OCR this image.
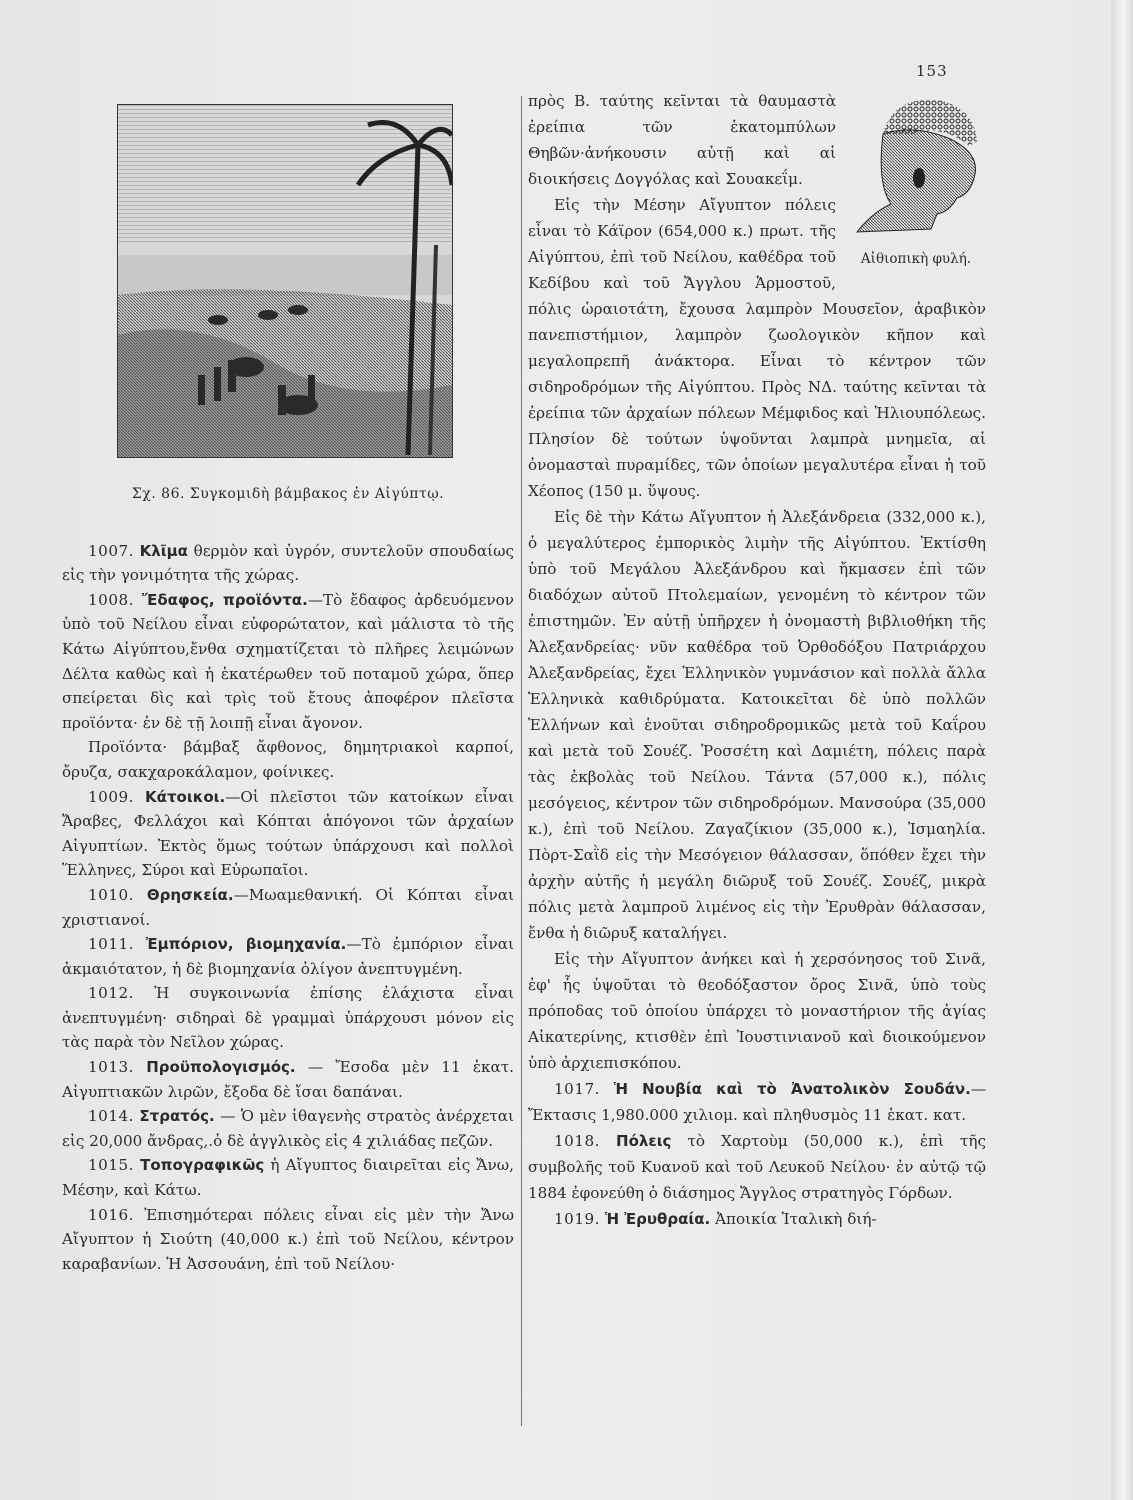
153
Σχ. 86. Συγκομιδὴ βάμβακος ἐν Αἰγύπτῳ.

1007. Κλῖμα θερμὸν καὶ ὑγρόν, συντελοῦν σπουδαίως εἰς τὴν γονιμότητα τῆς χώρας.

1008. Ἔδαφος, προϊόντα.—Τὸ ἔδαφος ἀρδευόμενον ὑπὸ τοῦ Νείλου εἶναι εὐφορώτατον, καὶ μάλιστα τὸ τῆς Κάτω Αἰγύπτου,ἔνθα σχηματίζεται τὸ πλῆρες λειμώνων Δέλτα καθὼς καὶ ἡ ἑκατέρωθεν τοῦ ποταμοῦ χώρα, ὅπερ σπείρεται δὶς καὶ τρὶς τοῦ ἔτους ἀποφέρον πλεῖστα προϊόντα· ἐν δὲ τῇ λοιπῇ εἶναι ἄγονον.

Προϊόντα· βάμβαξ ἄφθονος, δημητριακοὶ καρποί, ὄρυζα, σακχαροκάλαμον, φοίνικες.

1009. Κάτοικοι.—Οἱ πλεῖστοι τῶν κατοίκων εἶναι Ἄραβες, Φελλάχοι καὶ Κόπται ἀπόγονοι τῶν ἀρχαίων Αἰγυπτίων. Ἐκτὸς ὅμως τούτων ὑπάρχουσι καὶ πολλοὶ Ἕλληνες, Σύροι καὶ Εὐρωπαῖοι.

1010. Θρησκεία.—Μωαμεθανική. Οἱ Κόπται εἶναι χριστιανοί.

1011. Ἐμπόριον, βιομηχανία.—Τὸ ἐμπόριον εἶναι ἀκμαιότατον, ἡ δὲ βιομηχανία ὀλίγον ἀνεπτυγμένη.

1012. Ἡ συγκοινωνία ἐπίσης ἐλάχιστα εἶναι ἀνεπτυγμένη· σιδηραὶ δὲ γραμμαὶ ὑπάρχουσι μόνον εἰς τὰς παρὰ τὸν Νεῖλον χώρας.

1013. Προϋπολογισμός. — Ἔσοδα μὲν 11 ἑκατ. Αἰγυπτιακῶν λιρῶν, ἔξοδα δὲ ἴσαι δαπάναι.

1014. Στρατός. — Ὁ μὲν ἰθαγενὴς στρατὸς ἀνέρχεται εἰς 20,000 ἄνδρας,.ὁ δὲ ἀγγλικὸς εἰς 4 χιλιάδας πεζῶν.

1015. Τοπογραφικῶς ἡ Αἴγυπτος διαιρεῖται εἰς Ἄνω, Μέσην, καὶ Κάτω.

1016. Ἐπισημότεραι πόλεις εἶναι εἰς μὲν τὴν Ἄνω Αἴγυπτον ἡ Σιούτη (40,000 κ.) ἐπὶ τοῦ Νείλου, κέντρον καραβανίων. Ἡ Ἀσσουάνη, ἐπὶ τοῦ Νείλου·

Αἰθιοπικὴ φυλή.

πρὸς Β. ταύτης κεῖνται τὰ θαυμαστὰ ἐρείπια τῶν ἑκατομπύλων Θηβῶν·ἀνήκουσιν αὐτῇ καὶ αἱ διοικήσεις Δογγόλας καὶ Σουακεΐμ.

Εἰς τὴν Μέσην Αἴγυπτον πόλεις εἶναι τὸ Κάϊρον (654,000 κ.) πρωτ. τῆς Αἰγύπτου, ἐπὶ τοῦ Νείλου, καθέδρα τοῦ Κεδίβου καὶ τοῦ Ἄγγλου Ἁρμοστοῦ, πόλις ὡραιοτάτη, ἔχουσα λαμπρὸν Μουσεῖον, ἀραβικὸν πανεπιστήμιον, λαμπρὸν ζωολογικὸν κῆπον καὶ μεγαλοπρεπῆ ἀνάκτορα. Εἶναι τὸ κέντρον τῶν σιδηροδρόμων τῆς Αἰγύπτου. Πρὸς ΝΔ. ταύτης κεῖνται τὰ ἐρείπια τῶν ἀρχαίων πόλεων Μέμφιδος καὶ Ἡλιουπόλεως. Πλησίον δὲ τούτων ὑψοῦνται λαμπρὰ μνημεῖα, αἱ ὀνομασταὶ πυραμίδες, τῶν ὁποίων μεγαλυτέρα εἶναι ἡ τοῦ Χέοπος (150 μ. ὕψους.

Εἰς δὲ τὴν Κάτω Αἴγυπτον ἡ Ἀλεξάνδρεια (332,000 κ.), ὁ μεγαλύτερος ἐμπορικὸς λιμὴν τῆς Αἰγύπτου. Ἐκτίσθη ὑπὸ τοῦ Μεγάλου Ἀλεξάνδρου καὶ ἤκμασεν ἐπὶ τῶν διαδόχων αὐτοῦ Πτολεμαίων, γενομένη τὸ κέντρον τῶν ἐπιστημῶν. Ἐν αὐτῇ ὑπῆρχεν ἡ ὀνομαστὴ βιβλιοθήκη τῆς Ἀλεξανδρείας· νῦν καθέδρα τοῦ Ὀρθοδόξου Πατριάρχου Ἀλεξανδρείας, ἔχει Ἑλληνικὸν γυμνάσιον καὶ πολλὰ ἄλλα Ἑλληνικὰ καθιδρύματα. Κατοικεῖται δὲ ὑπὸ πολλῶν Ἑλλήνων καὶ ἑνοῦται σιδηροδρομικῶς μετὰ τοῦ Καΐρου καὶ μετὰ τοῦ Σουέζ. Ῥοσσέτη καὶ Δαμιέτη, πόλεις παρὰ τὰς ἐκβολὰς τοῦ Νείλου. Τάντα (57,000 κ.), πόλις μεσόγειος, κέντρον τῶν σιδηροδρόμων. Μανσούρα (35,000 κ.), ἐπὶ τοῦ Νείλου. Ζαγαζίκιον (35,000 κ.), Ἰσμαηλία. Πὸρτ-Σαῒδ εἰς τὴν Μεσόγειον θάλασσαν, ὅπόθεν ἔχει τὴν ἀρχὴν αὐτῆς ἡ μεγάλη διῶρυξ τοῦ Σουέζ. Σουέζ, μικρὰ πόλις μετὰ λαμπροῦ λιμένος εἰς τὴν Ἐρυθρὰν θάλασσαν, ἔνθα ἡ διῶρυξ καταλήγει.

Εἰς τὴν Αἴγυπτον ἀνήκει καὶ ἡ χερσόνησος τοῦ Σινᾶ, ἐφ' ἧς ὑψοῦται τὸ θεοδόξαστον ὄρος Σινᾶ, ὑπὸ τοὺς πρόποδας τοῦ ὁποίου ὑπάρχει τὸ μοναστήριον τῆς ἁγίας Αἰκατερίνης, κτισθὲν ἐπὶ Ἰουστινιανοῦ καὶ διοικούμενον ὑπὸ ἀρχιεπισκόπου.

1017. Ἡ Νουβία καὶ τὸ Ἀνατολικὸν Σουδάν.—Ἔκτασις 1,980.000 χιλιομ. καὶ πληθυσμὸς 11 ἑκατ. κατ.

1018. Πόλεις τὸ Χαρτοὺμ (50,000 κ.), ἐπὶ τῆς συμβολῆς τοῦ Κυανοῦ καὶ τοῦ Λευκοῦ Νείλου· ἐν αὐτῷ τῷ 1884 ἐφονεύθη ὁ διάσημος Ἄγγλος στρατηγὸς Γόρδων.

1019. Ἡ Ἐρυθραία. Ἀποικία Ἰταλικὴ διή-
